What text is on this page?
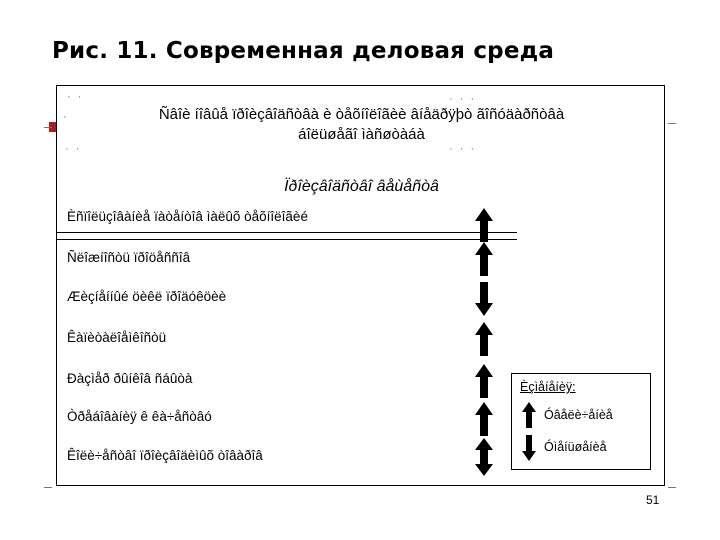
Рис. 11. Современная деловая среда
· ·
·
· ·
· · ·
· · ·
Ñâîè íîâûå ïðîèçâîäñòâà è òåõíîëîãèè âíåäðÿþò ãîñóäàðñòâà
áîëüøåãî ìàñøòàáà
Ïðîèçâîäñòâî âåùåñòâ
Èñïîëüçîâàíèå ïàòåíòîâ ìàëûõ òåõíîëîãèé
Ñëîæíîñòü ïðîöåññîâ
Æèçíåííûé öèêë ïðîäóêöèè
Êàïèòàëîåìêîñòü
Ðàçìåð ðûíêîâ ñáûòà
Òðåáîâàíèÿ ê êà÷åñòâó
Êîëè÷åñòâî ïðîèçâîäèìûõ òîâàðîâ
Èçìåíåíèÿ:
Óâåëè÷åíèå
Óìåíüøåíèå
51
